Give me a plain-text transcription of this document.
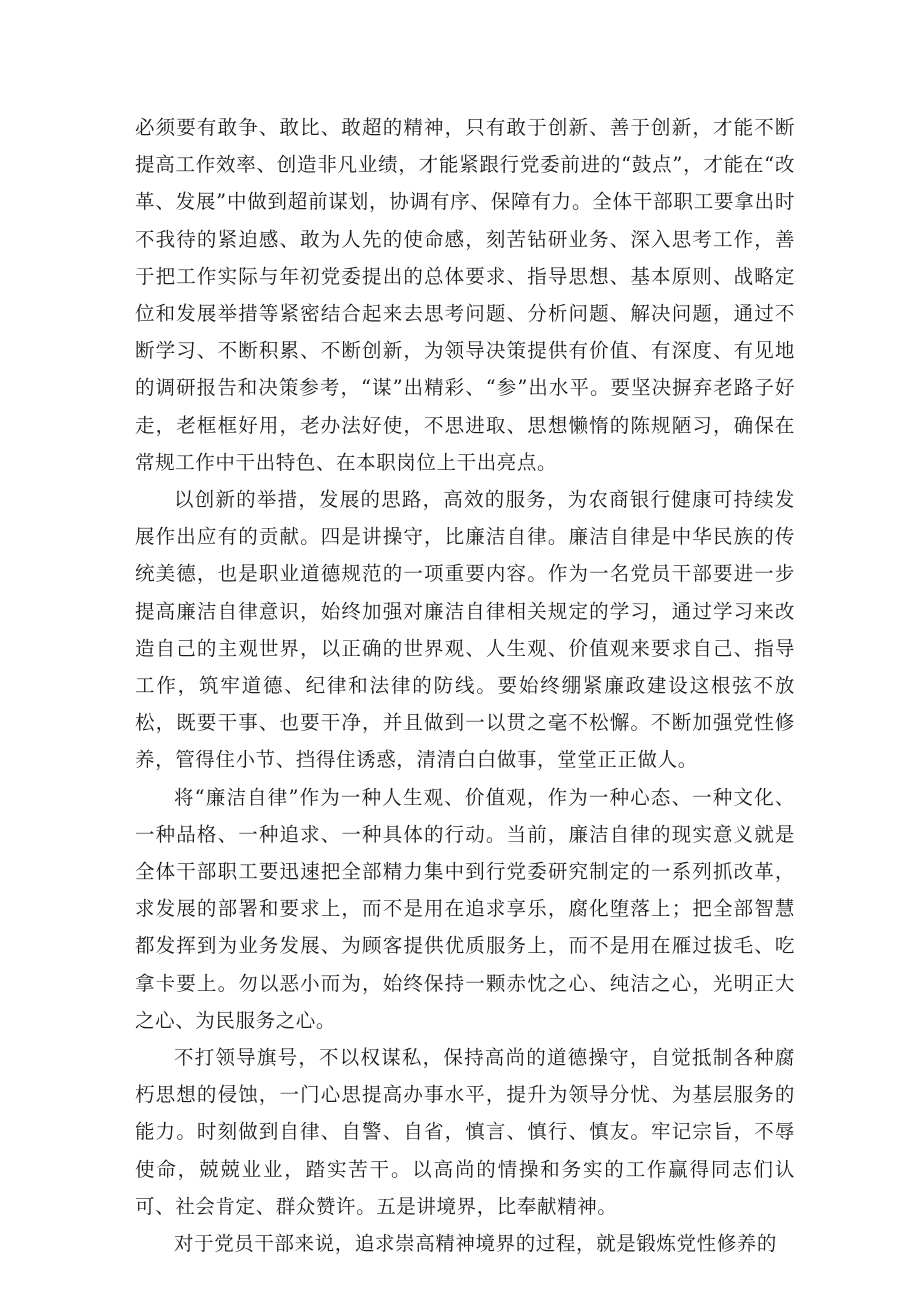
必须要有敢争、敢比、敢超的精神，只有敢于创新、善于创新，才能不断提高工作效率、创造非凡业绩，才能紧跟行党委前进的“鼓点”，才能在“改革、发展”中做到超前谋划，协调有序、保障有力。全体干部职工要拿出时不我待的紧迫感、敢为人先的使命感，刻苦钻研业务、深入思考工作，善于把工作实际与年初党委提出的总体要求、指导思想、基本原则、战略定位和发展举措等紧密结合起来去思考问题、分析问题、解决问题，通过不断学习、不断积累、不断创新，为领导决策提供有价值、有深度、有见地的调研报告和决策参考，“谋”出精彩、“参”出水平。要坚决摒弃老路子好走，老框框好用，老办法好使，不思进取、思想懒惰的陈规陋习，确保在常规工作中干出特色、在本职岗位上干出亮点。

以创新的举措，发展的思路，高效的服务，为农商银行健康可持续发展作出应有的贡献。四是讲操守，比廉洁自律。廉洁自律是中华民族的传统美德，也是职业道德规范的一项重要内容。作为一名党员干部要进一步提高廉洁自律意识，始终加强对廉洁自律相关规定的学习，通过学习来改造自己的主观世界，以正确的世界观、人生观、价值观来要求自己、指导工作，筑牢道德、纪律和法律的防线。要始终绷紧廉政建设这根弦不放松，既要干事、也要干净，并且做到一以贯之毫不松懈。不断加强党性修养，管得住小节、挡得住诱惑，清清白白做事，堂堂正正做人。

将“廉洁自律”作为一种人生观、价值观，作为一种心态、一种文化、一种品格、一种追求、一种具体的行动。当前，廉洁自律的现实意义就是全体干部职工要迅速把全部精力集中到行党委研究制定的一系列抓改革，求发展的部署和要求上，而不是用在追求享乐，腐化堕落上；把全部智慧都发挥到为业务发展、为顾客提供优质服务上，而不是用在雁过拔毛、吃拿卡要上。勿以恶小而为，始终保持一颗赤忱之心、纯洁之心，光明正大之心、为民服务之心。

不打领导旗号，不以权谋私，保持高尚的道德操守，自觉抵制各种腐朽思想的侵蚀，一门心思提高办事水平，提升为领导分忧、为基层服务的能力。时刻做到自律、自警、自省，慎言、慎行、慎友。牢记宗旨，不辱使命，兢兢业业，踏实苦干。以高尚的情操和务实的工作赢得同志们认可、社会肯定、群众赞许。五是讲境界，比奉献精神。

对于党员干部来说，追求崇高精神境界的过程，就是锻炼党性修养的
